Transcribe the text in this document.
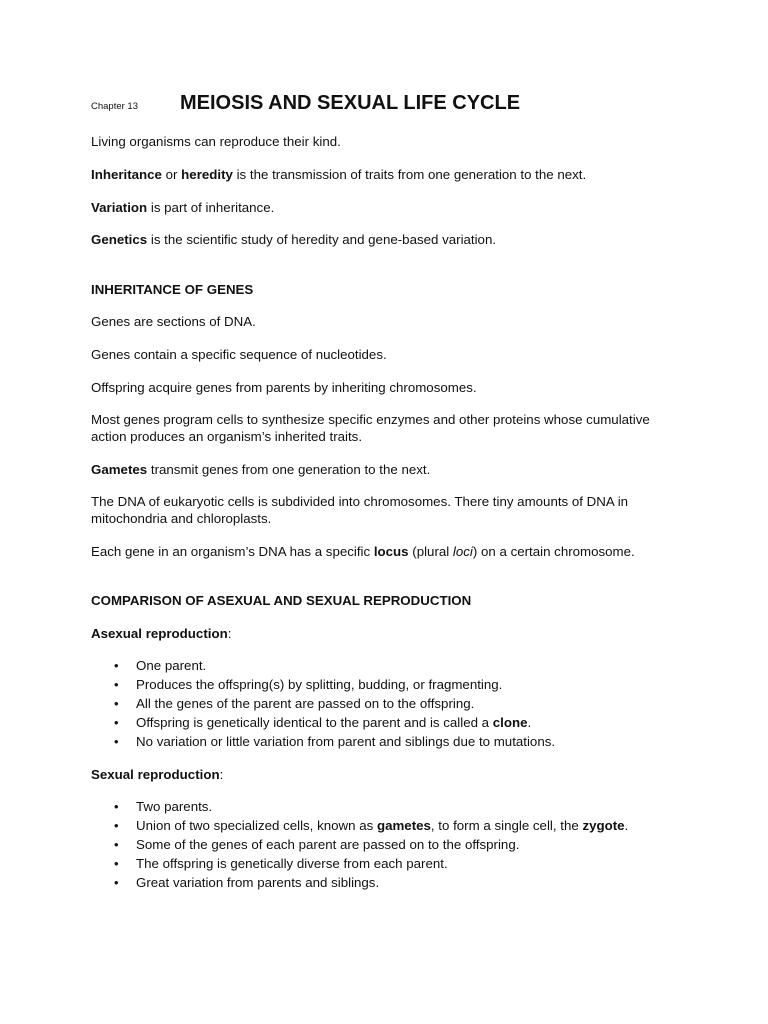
Chapter 13 MEIOSIS AND SEXUAL LIFE CYCLE
Living organisms can reproduce their kind.
Inheritance or heredity is the transmission of traits from one generation to the next.
Variation is part of inheritance.
Genetics is the scientific study of heredity and gene-based variation.
INHERITANCE OF GENES
Genes are sections of DNA.
Genes contain a specific sequence of nucleotides.
Offspring acquire genes from parents by inheriting chromosomes.
Most genes program cells to synthesize specific enzymes and other proteins whose cumulative
action produces an organism’s inherited traits.
Gametes transmit genes from one generation to the next.
The DNA of eukaryotic cells is subdivided into chromosomes. There tiny amounts of DNA in
mitochondria and chloroplasts.
Each gene in an organism’s DNA has a specific locus (plural loci) on a certain chromosome.
COMPARISON OF ASEXUAL AND SEXUAL REPRODUCTION
Asexual reproduction:
• One parent.
• Produces the offspring(s) by splitting, budding, or fragmenting.
• All the genes of the parent are passed on to the offspring.
• Offspring is genetically identical to the parent and is called a clone.
• No variation or little variation from parent and siblings due to mutations.
Sexual reproduction:
• Two parents.
• Union of two specialized cells, known as gametes, to form a single cell, the zygote.
• Some of the genes of each parent are passed on to the offspring.
• The offspring is genetically diverse from each parent.
• Great variation from parents and siblings.
